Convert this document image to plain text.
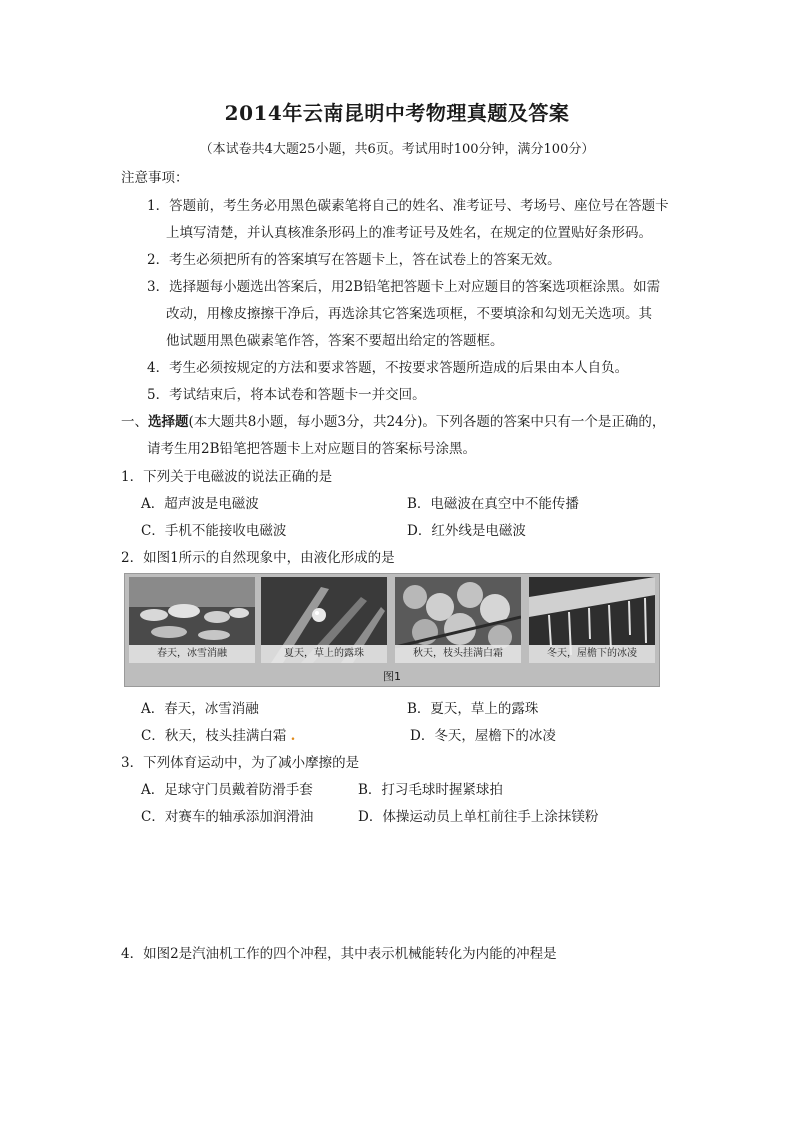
2014年云南昆明中考物理真题及答案
（本试卷共4大题25小题，共6页。考试用时100分钟，满分100分）
注意事项：
1．答题前，考生务必用黑色碳素笔将自己的姓名、准考证号、考场号、座位号在答题卡
上填写清楚，并认真核准条形码上的准考证号及姓名，在规定的位置贴好条形码。
2．考生必须把所有的答案填写在答题卡上，答在试卷上的答案无效。
3．选择题每小题选出答案后，用2B铅笔把答题卡上对应题目的答案选项框涂黑。如需
改动，用橡皮擦擦干净后，再选涂其它答案选项框，不要填涂和勾划无关选项。其
他试题用黑色碳素笔作答，答案不要超出给定的答题框。
4．考生必须按规定的方法和要求答题，不按要求答题所造成的后果由本人自负。
5．考试结束后，将本试卷和答题卡一并交回。
一、选择题(本大题共8小题，每小题3分，共24分)。下列各题的答案中只有一个是正确的，
请考生用2B铅笔把答题卡上对应题目的答案标号涂黑。
1．下列关于电磁波的说法正确的是
A．超声波是电磁波	B．电磁波在真空中不能传播
C．手机不能接收电磁波	D．红外线是电磁波
2．如图1所示的自然现象中，由液化形成的是
春天，冰雪消融	夏天，草上的露珠	秋天，枝头挂满白霜	冬天，屋檐下的冰凌
图1
A．春天，冰雪消融	B．夏天，草上的露珠
C．秋天，枝头挂满白霜 .	D．冬天，屋檐下的冰凌
3．下列体育运动中，为了减小摩擦的是
A．足球守门员戴着防滑手套	B．打习毛球时握紧球拍
C．对赛车的轴承添加润滑油	D．体操运动员上单杠前往手上涂抹镁粉
4．如图2是汽油机工作的四个冲程，其中表示机械能转化为内能的冲程是
